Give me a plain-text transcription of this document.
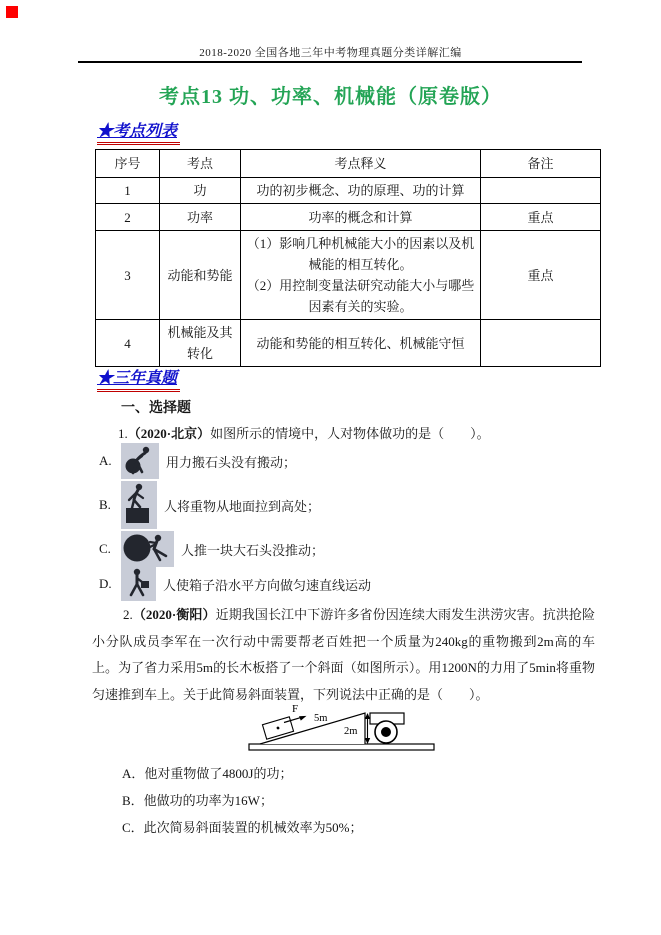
2018-2020 全国各地三年中考物理真题分类详解汇编
考点13 功、功率、机械能（原卷版）
★考点列表
序号	考点	考点释义	备注
1	功	功的初步概念、功的原理、功的计算	
2	功率	功率的概念和计算	重点
3	动能和势能	（1）影响几种机械能大小的因素以及机械能的相互转化。
（2）用控制变量法研究动能大小与哪些因素有关的实验。	重点
4	机械能及其转化	动能和势能的相互转化、机械能守恒	
★三年真题
一、选择题
1.（2020·北京）如图所示的情境中，人对物体做功的是（　　）。
A.	用力搬石头没有搬动；
B.	人将重物从地面拉到高处；
人推一块大石头没推动；
C.
D.	人使箱子沿水平方向做匀速直线运动
2.（2020·衡阳）近期我国长江中下游许多省份因连续大雨发生洪涝灾害。抗洪抢险小分队成员李军在一次行动中需要帮老百姓把一个质量为240kg的重物搬到2m高的车上。为了省力采用5m的长木板搭了一个斜面（如图所示）。用1200N的力用了5min将重物匀速推到车上。关于此简易斜面装置，下列说法中正确的是（　　）。
F
5m
2m
A．他对重物做了4800J的功；
B．他做功的功率为16W；
C．此次简易斜面装置的机械效率为50%；
